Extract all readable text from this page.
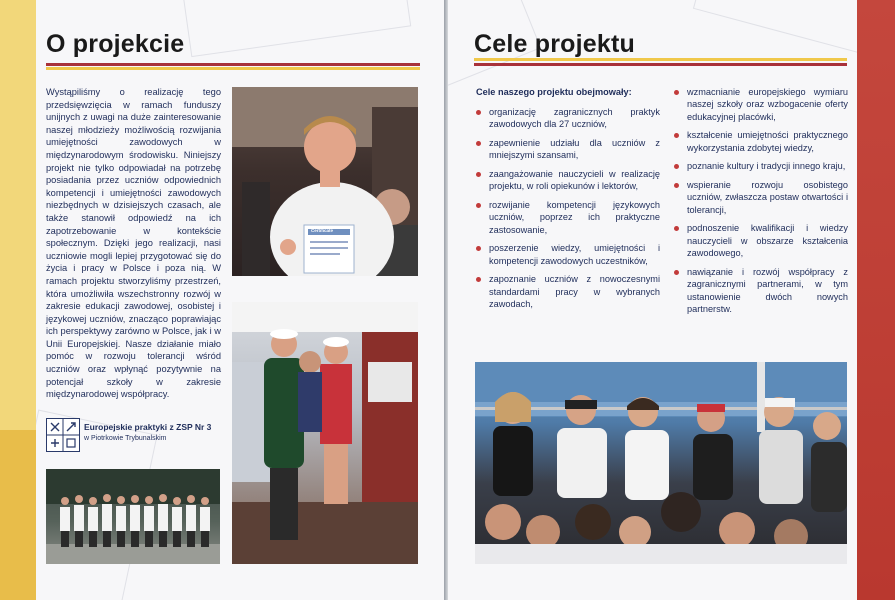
O projekcie
Wystąpiliśmy o realizację tego przedsięwzięcia w ramach funduszy unijnych z uwagi na duże zainteresowanie naszej młodzieży możliwością rozwijania umiejętności zawodowych w międzynarodowym środowisku. Niniejszy projekt nie tylko odpowiadał na potrzebę posiadania przez uczniów odpowiednich kompetencji i umiejętności zawodowych niezbędnych w dzisiejszych czasach, ale także stanowił odpowiedź na ich zapotrzebowanie w kontekście społecznym. Dzięki jego realizacji, nasi uczniowie mogli lepiej przygotować się do życia i pracy w Polsce i poza nią. W ramach projektu stworzyliśmy przestrzeń, która umożliwiła wszechstronny rozwój w zakresie edukacji zawodowej, osobistej i językowej uczniów, znacząco poprawiając ich perspektywy zarówno w Polsce, jak i w Unii Europejskiej. Nasze działanie miało pomóc w rozwoju tolerancji wśród uczniów oraz wpłynąć pozytywnie na potencjał szkoły w zakresie międzynarodowej współpracy.
Certificate
Europejskie praktyki z ZSP Nr 3
w Piotrkowie Trybunalskim
Cele projektu
Cele naszego projektu obejmowały:
organizację zagranicznych praktyk zawodowych dla 27 uczniów,
zapewnienie udziału dla uczniów z mniejszymi szansami,
zaangażowanie nauczycieli w realizację projektu, w roli opiekunów i lektorów,
rozwijanie kompetencji językowych uczniów, poprzez ich praktyczne zastosowanie,
poszerzenie wiedzy, umiejętności i kompetencji zawodowych uczestników,
zapoznanie uczniów z nowoczesnymi standardami pracy w wybranych zawodach,
wzmacnianie europejskiego wymiaru naszej szkoły oraz wzbogacenie oferty edukacyjnej placówki,
kształcenie umiejętności praktycznego wykorzystania zdobytej wiedzy,
poznanie kultury i tradycji innego kraju,
wspieranie rozwoju osobistego uczniów, zwłaszcza postaw otwartości i tolerancji,
podnoszenie kwalifikacji i wiedzy nauczycieli w obszarze kształcenia zawodowego,
nawiązanie i rozwój współpracy z zagranicznymi partnerami, w tym ustanowienie dwóch nowych partnerstw.
